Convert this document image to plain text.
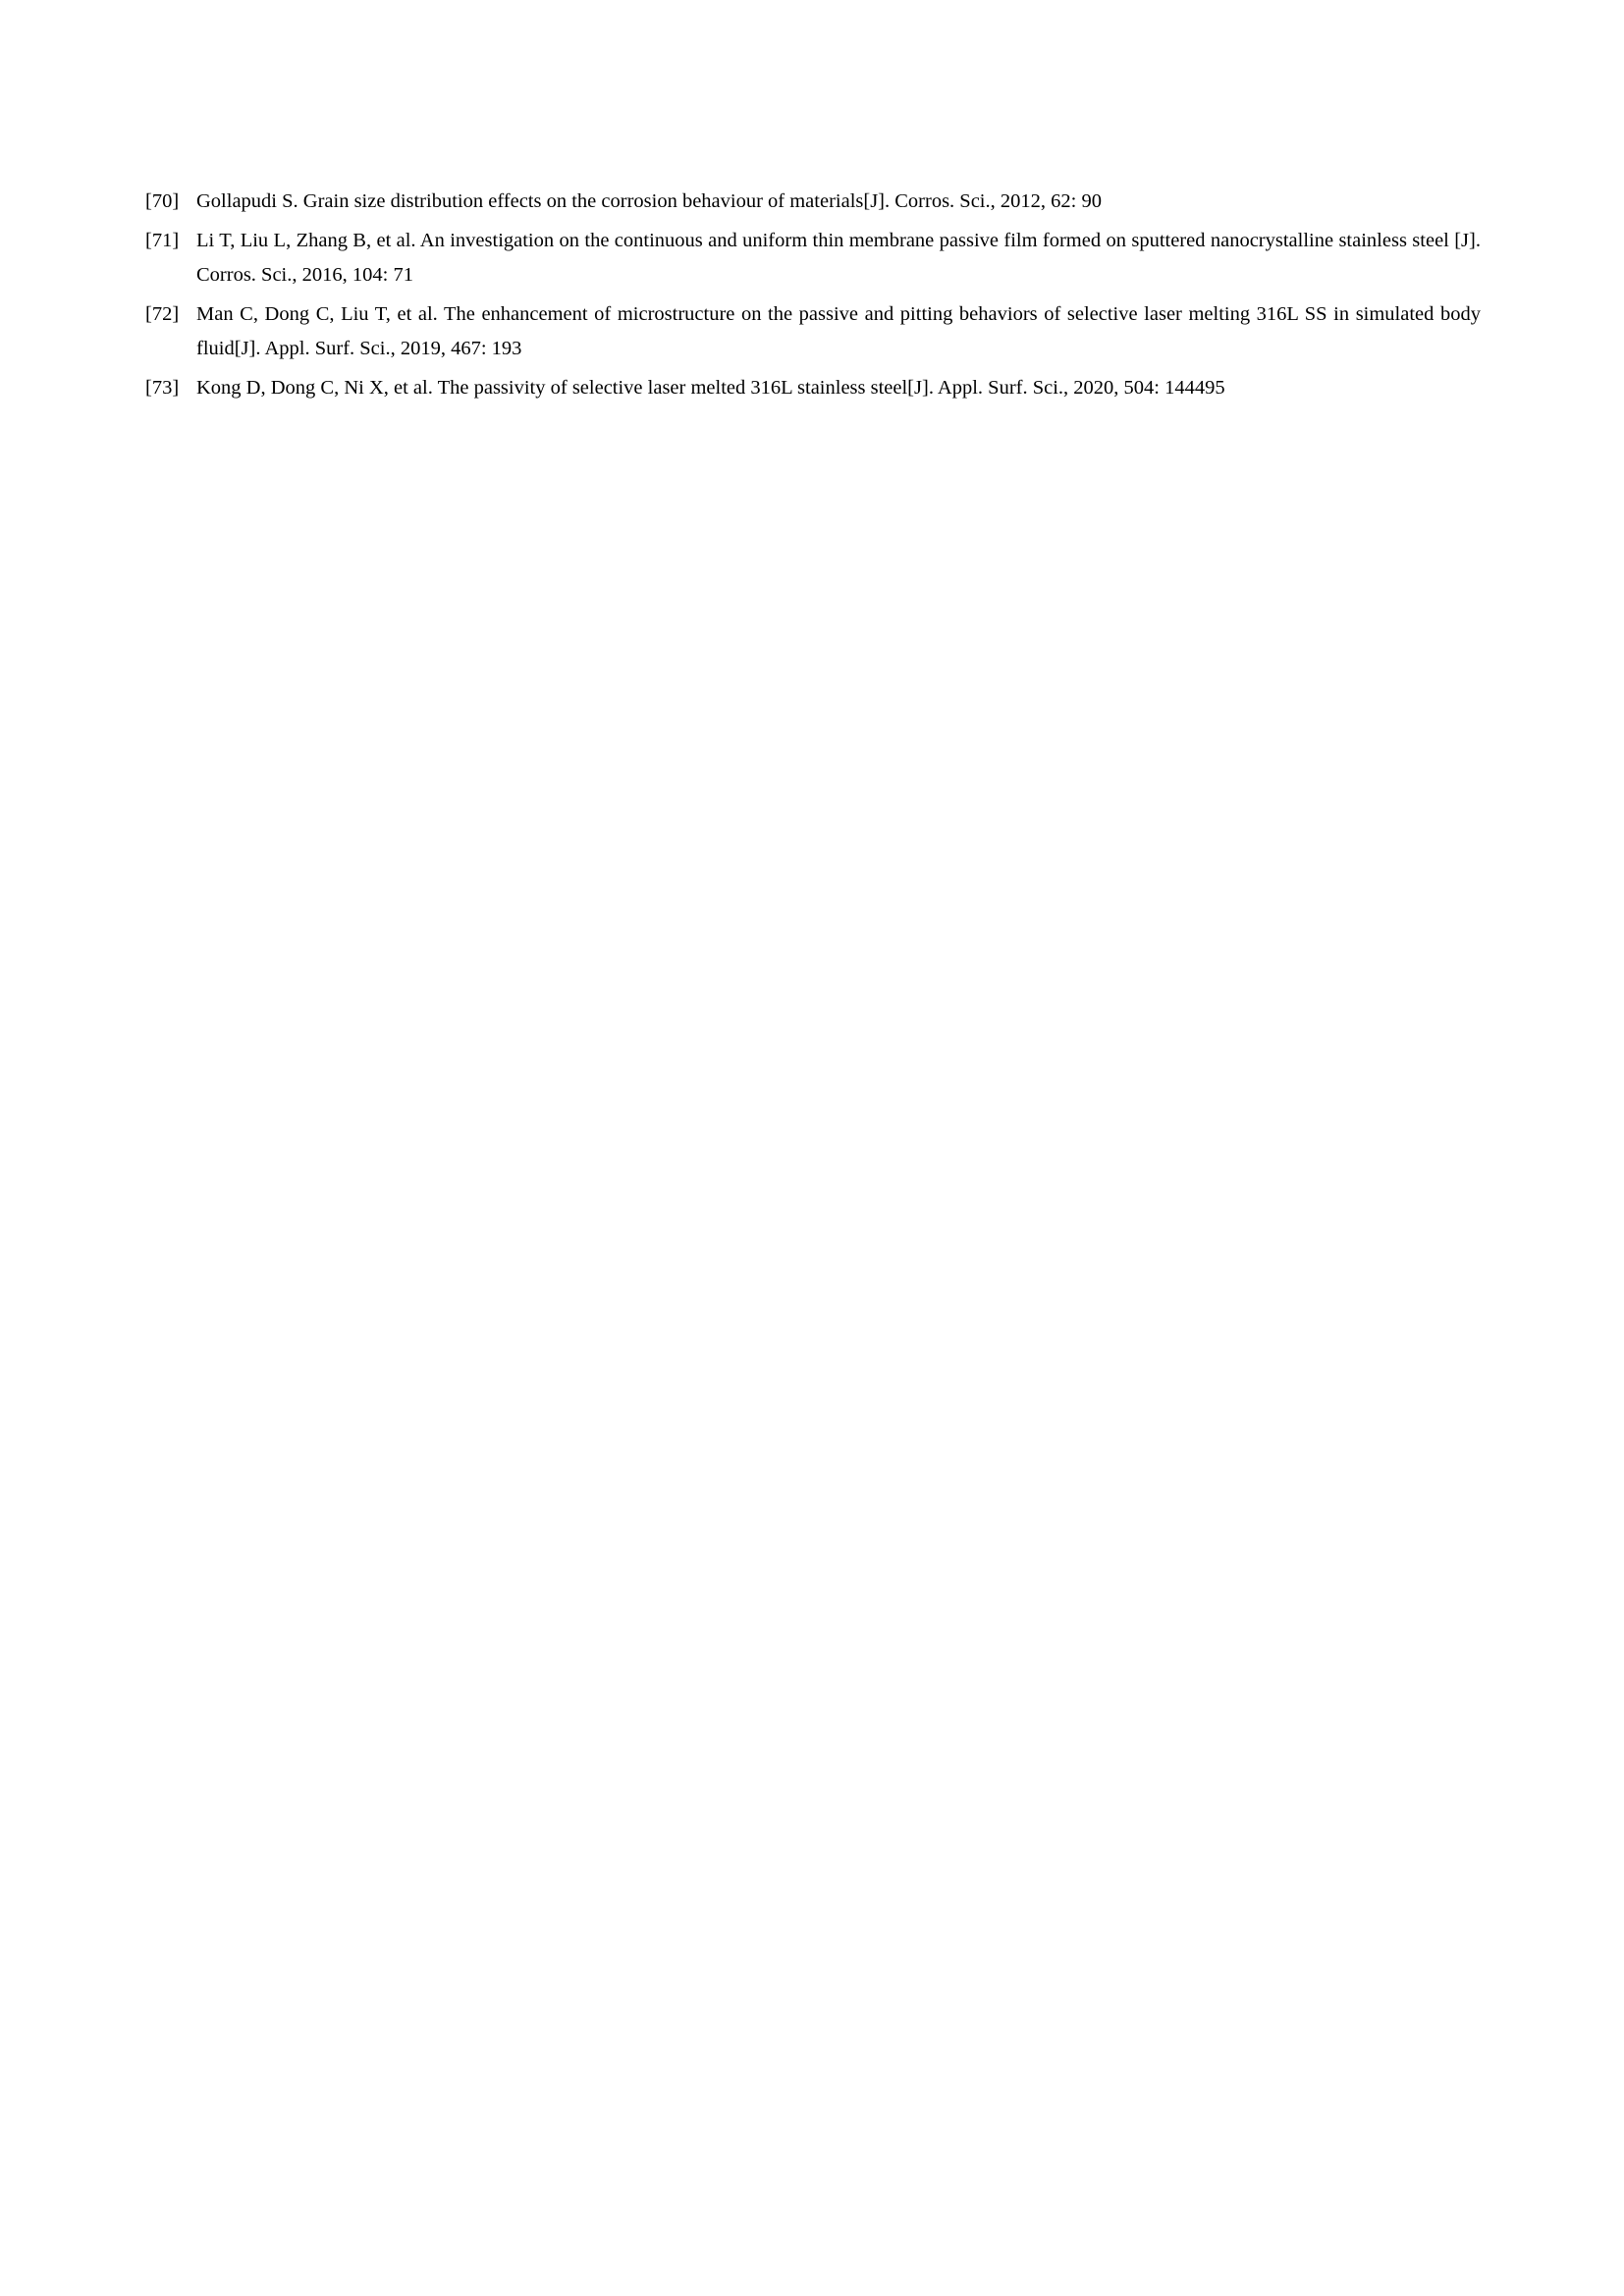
[70] Gollapudi S. Grain size distribution effects on the corrosion behaviour of materials[J]. Corros. Sci., 2012, 62: 90
[71] Li T, Liu L, Zhang B, et al. An investigation on the continuous and uniform thin membrane passive film formed on sputtered nanocrystalline stainless steel [J]. Corros. Sci., 2016, 104: 71
[72] Man C, Dong C, Liu T, et al. The enhancement of microstructure on the passive and pitting behaviors of selective laser melting 316L SS in simulated body fluid[J]. Appl. Surf. Sci., 2019, 467: 193
[73] Kong D, Dong C, Ni X, et al. The passivity of selective laser melted 316L stainless steel[J]. Appl. Surf. Sci., 2020, 504: 144495
